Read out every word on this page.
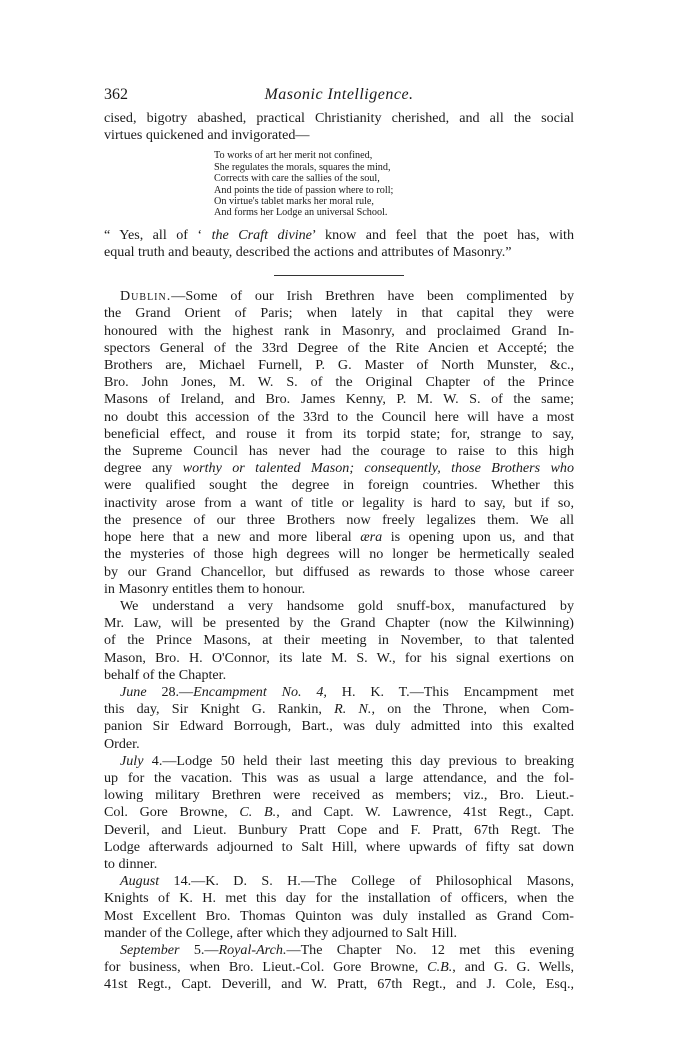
362	Masonic Intelligence.

cised, bigotry abashed, practical Christianity cherished, and all the social

virtues quickened and invigorated—

To works of art her merit not confined,
She regulates the morals, squares the mind,
Corrects with care the sallies of the soul,
And points the tide of passion where to roll;
On virtue's tablet marks her moral rule,
And forms her Lodge an universal School.

“ Yes, all of ‘ the Craft divine’ know and feel that the poet has, with

equal truth and beauty, described the actions and attributes of Masonry.”

Dublin.—Some of our Irish Brethren have been complimented by

the Grand Orient of Paris; when lately in that capital they were

honoured with the highest rank in Masonry, and proclaimed Grand In-

spectors General of the 33rd Degree of the Rite Ancien et Accepté; the

Brothers are, Michael Furnell, P. G. Master of North Munster, &c.,

Bro. John Jones, M. W. S. of the Original Chapter of the Prince

Masons of Ireland, and Bro. James Kenny, P. M. W. S. of the same;

no doubt this accession of the 33rd to the Council here will have a most

beneficial effect, and rouse it from its torpid state; for, strange to say,

the Supreme Council has never had the courage to raise to this high

degree any worthy or talented Mason; consequently, those Brothers who

were qualified sought the degree in foreign countries. Whether this

inactivity arose from a want of title or legality is hard to say, but if so,

the presence of our three Brothers now freely legalizes them. We all

hope here that a new and more liberal æra is opening upon us, and that

the mysteries of those high degrees will no longer be hermetically sealed

by our Grand Chancellor, but diffused as rewards to those whose career

in Masonry entitles them to honour.

We understand a very handsome gold snuff-box, manufactured by

Mr. Law, will be presented by the Grand Chapter (now the Kilwinning)

of the Prince Masons, at their meeting in November, to that talented

Mason, Bro. H. O'Connor, its late M. S. W., for his signal exertions on

behalf of the Chapter.

June 28.—Encampment No. 4, H. K. T.—This Encampment met

this day, Sir Knight G. Rankin, R. N., on the Throne, when Com-

panion Sir Edward Borrough, Bart., was duly admitted into this exalted

Order.

July 4.—Lodge 50 held their last meeting this day previous to breaking

up for the vacation. This was as usual a large attendance, and the fol-

lowing military Brethren were received as members; viz., Bro. Lieut.-

Col. Gore Browne, C. B., and Capt. W. Lawrence, 41st Regt., Capt.

Deveril, and Lieut. Bunbury Pratt Cope and F. Pratt, 67th Regt. The

Lodge afterwards adjourned to Salt Hill, where upwards of fifty sat down

to dinner.

August 14.—K. D. S. H.—The College of Philosophical Masons,

Knights of K. H. met this day for the installation of officers, when the

Most Excellent Bro. Thomas Quinton was duly installed as Grand Com-

mander of the College, after which they adjourned to Salt Hill.

September 5.—Royal-Arch.—The Chapter No. 12 met this evening

for business, when Bro. Lieut.-Col. Gore Browne, C.B., and G. G. Wells,

41st Regt., Capt. Deverill, and W. Pratt, 67th Regt., and J. Cole, Esq.,
